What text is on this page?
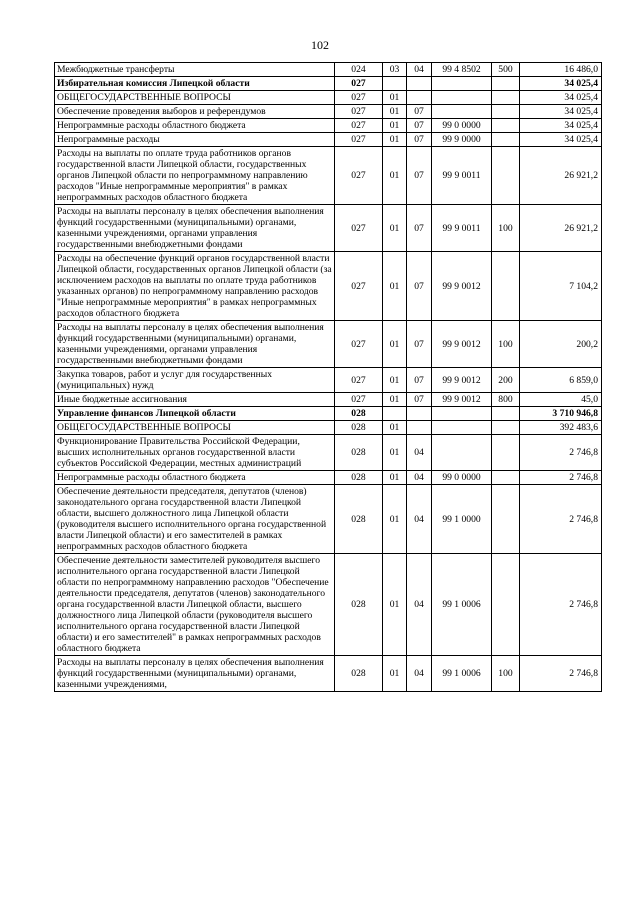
102
Межбюджетные трансферты	024	03	04	99 4 8502	500	16 486,0
Избирательная комиссия Липецкой области	027					34 025,4
ОБЩЕГОСУДАРСТВЕННЫЕ ВОПРОСЫ	027	01				34 025,4
Обеспечение проведения выборов и референдумов	027	01	07			34 025,4
Непрограммные расходы областного бюджета	027	01	07	99 0 0000		34 025,4
Непрограммные расходы	027	01	07	99 9 0000		34 025,4
Расходы на выплаты по оплате труда работников органов государственной власти Липецкой области, государственных органов Липецкой области по непрограммному направлению расходов "Иные непрограммные мероприятия" в рамках непрограммных расходов областного бюджета	027	01	07	99 9 0011		26 921,2
Расходы на выплаты персоналу в целях обеспечения выполнения функций государственными (муниципальными) органами, казенными учреждениями, органами управления государственными внебюджетными фондами	027	01	07	99 9 0011	100	26 921,2
Расходы на обеспечение функций органов государственной власти Липецкой области, государственных органов Липецкой области (за исключением расходов на выплаты по оплате труда работников указанных органов) по непрограммному направлению расходов "Иные непрограммные мероприятия" в рамках непрограммных расходов областного бюджета	027	01	07	99 9 0012		7 104,2
Расходы на выплаты персоналу в целях обеспечения выполнения функций государственными (муниципальными) органами, казенными учреждениями, органами управления государственными внебюджетными фондами	027	01	07	99 9 0012	100	200,2
Закупка товаров, работ и услуг для государственных (муниципальных) нужд	027	01	07	99 9 0012	200	6 859,0
Иные бюджетные ассигнования	027	01	07	99 9 0012	800	45,0
Управление финансов Липецкой области	028					3 710 946,8
ОБЩЕГОСУДАРСТВЕННЫЕ ВОПРОСЫ	028	01				392 483,6
Функционирование Правительства Российской Федерации, высших исполнительных органов государственной власти субъектов Российской Федерации, местных администраций	028	01	04			2 746,8
Непрограммные расходы областного бюджета	028	01	04	99 0 0000		2 746,8
Обеспечение деятельности председателя, депутатов (членов) законодательного органа государственной власти Липецкой области, высшего должностного лица Липецкой области (руководителя высшего исполнительного органа государственной власти Липецкой области) и его заместителей в рамках непрограммных расходов областного бюджета	028	01	04	99 1 0000		2 746,8
Обеспечение деятельности заместителей руководителя высшего исполнительного органа государственной власти Липецкой области по непрограммному направлению расходов "Обеспечение деятельности председателя, депутатов (членов) законодательного органа государственной власти Липецкой области, высшего должностного лица Липецкой области (руководителя высшего исполнительного органа государственной власти Липецкой области) и его заместителей" в рамках непрограммных расходов областного бюджета	028	01	04	99 1 0006		2 746,8
Расходы на выплаты персоналу в целях обеспечения выполнения функций государственными (муниципальными) органами, казенными учреждениями,	028	01	04	99 1 0006	100	2 746,8
